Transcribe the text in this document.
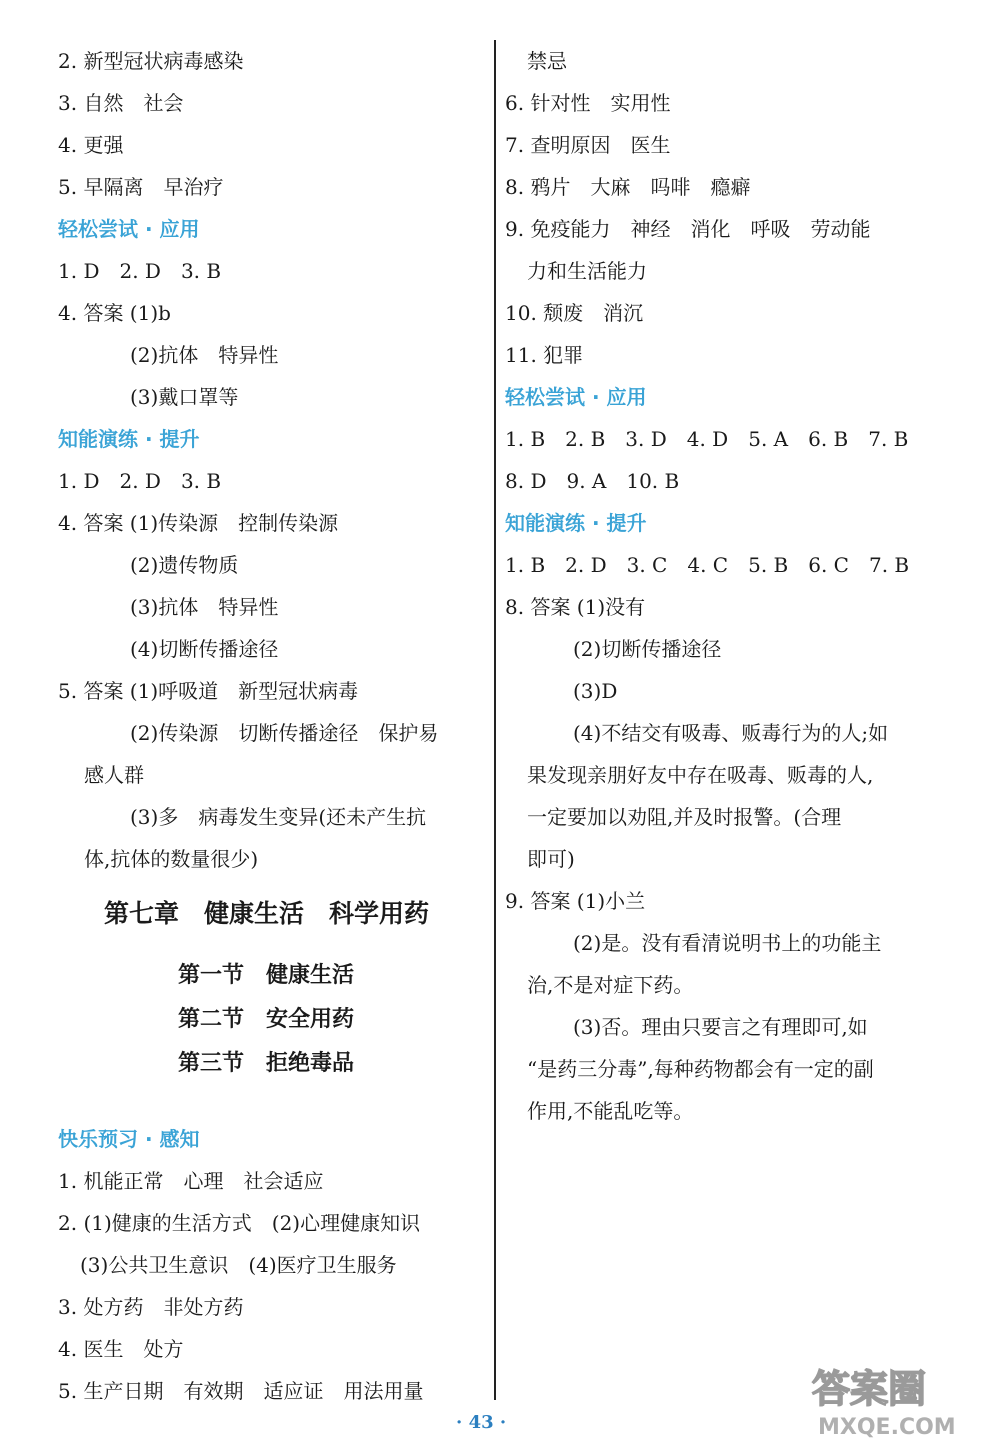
2. 新型冠状病毒感染
3. 自然　社会
4. 更强
5. 早隔离　早治疗
轻松尝试 · 应用
1. D　2. D　3. B
4. 答案 (1)b
(2)抗体　特异性
(3)戴口罩等
知能演练 · 提升
1. D　2. D　3. B
4. 答案 (1)传染源　控制传染源
(2)遗传物质
(3)抗体　特异性
(4)切断传播途径
5. 答案 (1)呼吸道　新型冠状病毒
(2)传染源　切断传播途径　保护易
感人群
(3)多　病毒发生变异(还未产生抗
体,抗体的数量很少)
第七章　健康生活　科学用药
第一节　健康生活
第二节　安全用药
第三节　拒绝毒品
快乐预习 · 感知
1. 机能正常　心理　社会适应
2. (1)健康的生活方式　(2)心理健康知识
(3)公共卫生意识　(4)医疗卫生服务
3. 处方药　非处方药
4. 医生　处方
5. 生产日期　有效期　适应证　用法用量
禁忌
6. 针对性　实用性
7. 查明原因　医生
8. 鸦片　大麻　吗啡　瘾癖
9. 免疫能力　神经　消化　呼吸　劳动能
力和生活能力
10. 颓废　消沉
11. 犯罪
轻松尝试 · 应用
1. B　2. B　3. D　4. D　5. A　6. B　7. B
8. D　9. A　10. B
知能演练 · 提升
1. B　2. D　3. C　4. C　5. B　6. C　7. B
8. 答案 (1)没有
(2)切断传播途径
(3)D
(4)不结交有吸毒、贩毒行为的人;如
果发现亲朋好友中存在吸毒、贩毒的人,
一定要加以劝阻,并及时报警。(合理
即可)
9. 答案 (1)小兰
(2)是。没有看清说明书上的功能主
治,不是对症下药。
(3)否。理由只要言之有理即可,如
“是药三分毒”,每种药物都会有一定的副
作用,不能乱吃等。
· 43 ·
答案圈
MXQE.COM
